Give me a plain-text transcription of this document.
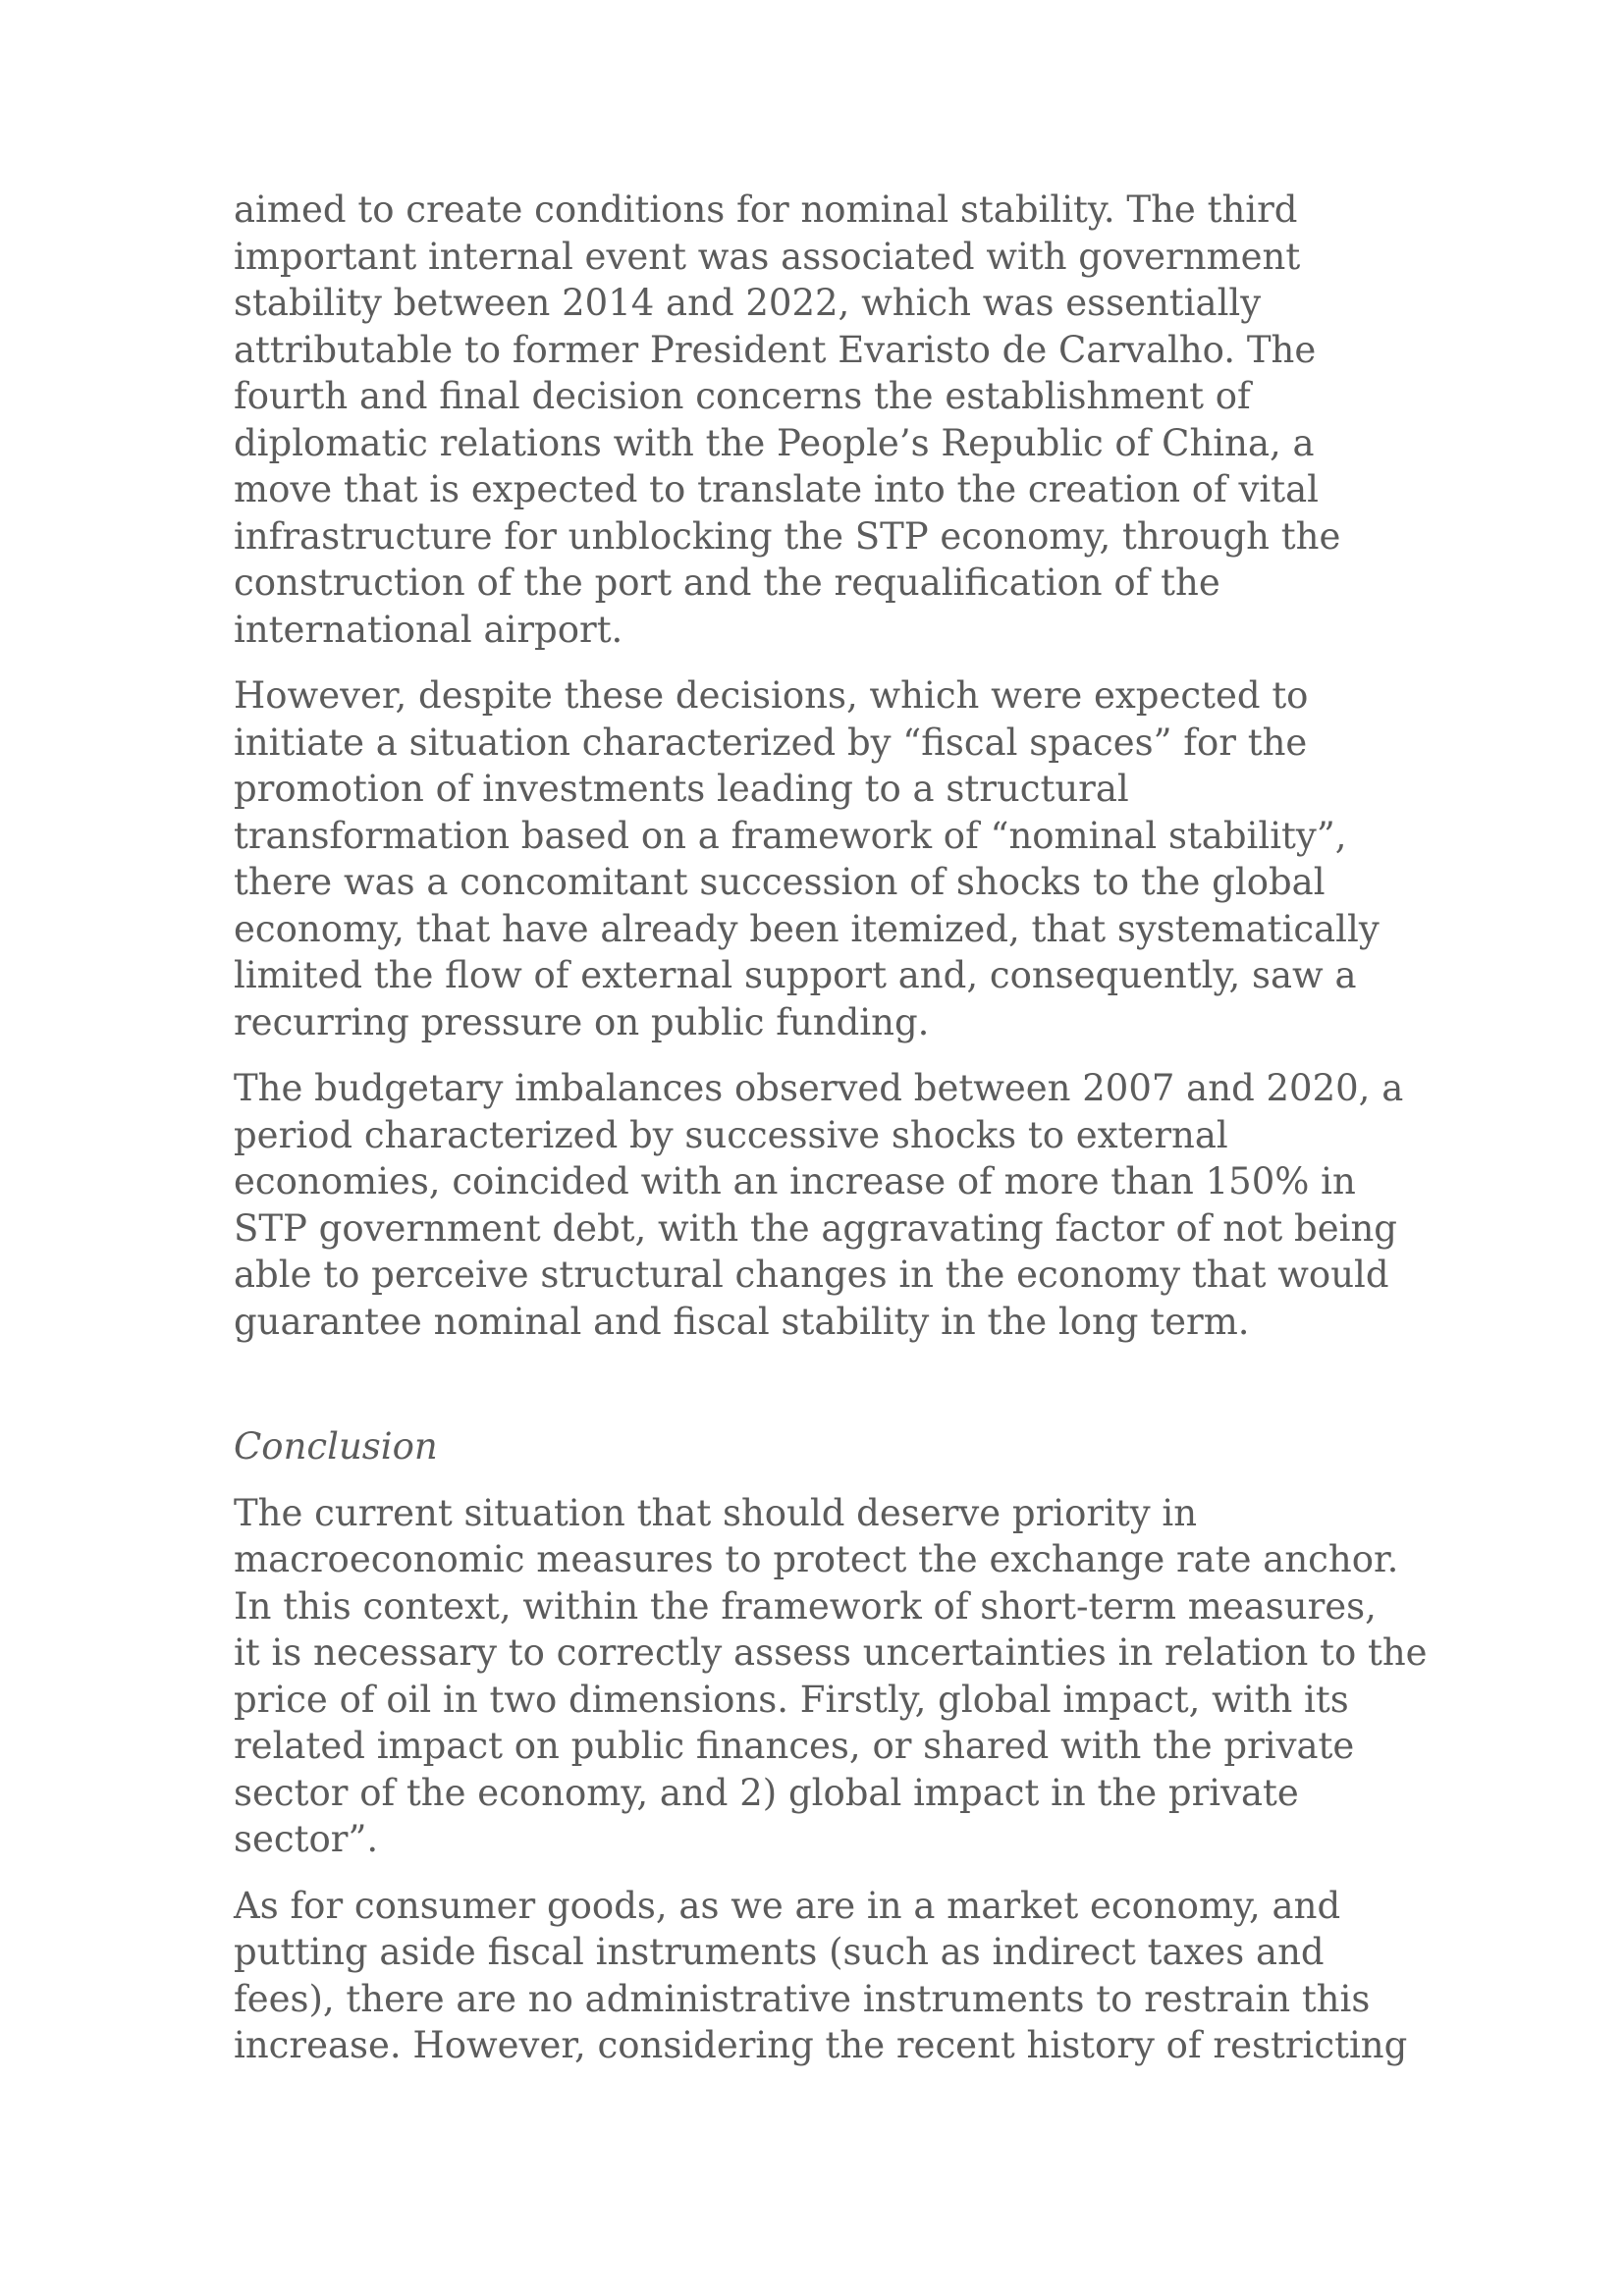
aimed to create conditions for nominal stability. The third
important internal event was associated with government
stability between 2014 and 2022, which was essentially
attributable to former President Evaristo de Carvalho. The
fourth and final decision concerns the establishment of
diplomatic relations with the People’s Republic of China, a
move that is expected to translate into the creation of vital
infrastructure for unblocking the STP economy, through the
construction of the port and the requalification of the
international airport.

However, despite these decisions, which were expected to
initiate a situation characterized by “fiscal spaces” for the
promotion of investments leading to a structural
transformation based on a framework of “nominal stability”,
there was a concomitant succession of shocks to the global
economy, that have already been itemized, that systematically
limited the flow of external support and, consequently, saw a
recurring pressure on public funding.

The budgetary imbalances observed between 2007 and 2020, a
period characterized by successive shocks to external
economies, coincided with an increase of more than 150% in
STP government debt, with the aggravating factor of not being
able to perceive structural changes in the economy that would
guarantee nominal and fiscal stability in the long term.

Conclusion

The current situation that should deserve priority in
macroeconomic measures to protect the exchange rate anchor.
In this context, within the framework of short-term measures,
it is necessary to correctly assess uncertainties in relation to the
price of oil in two dimensions. Firstly, global impact, with its
related impact on public finances, or shared with the private
sector of the economy, and 2) global impact in the private
sector”.

As for consumer goods, as we are in a market economy, and
putting aside fiscal instruments (such as indirect taxes and
fees), there are no administrative instruments to restrain this
increase. However, considering the recent history of restricting
